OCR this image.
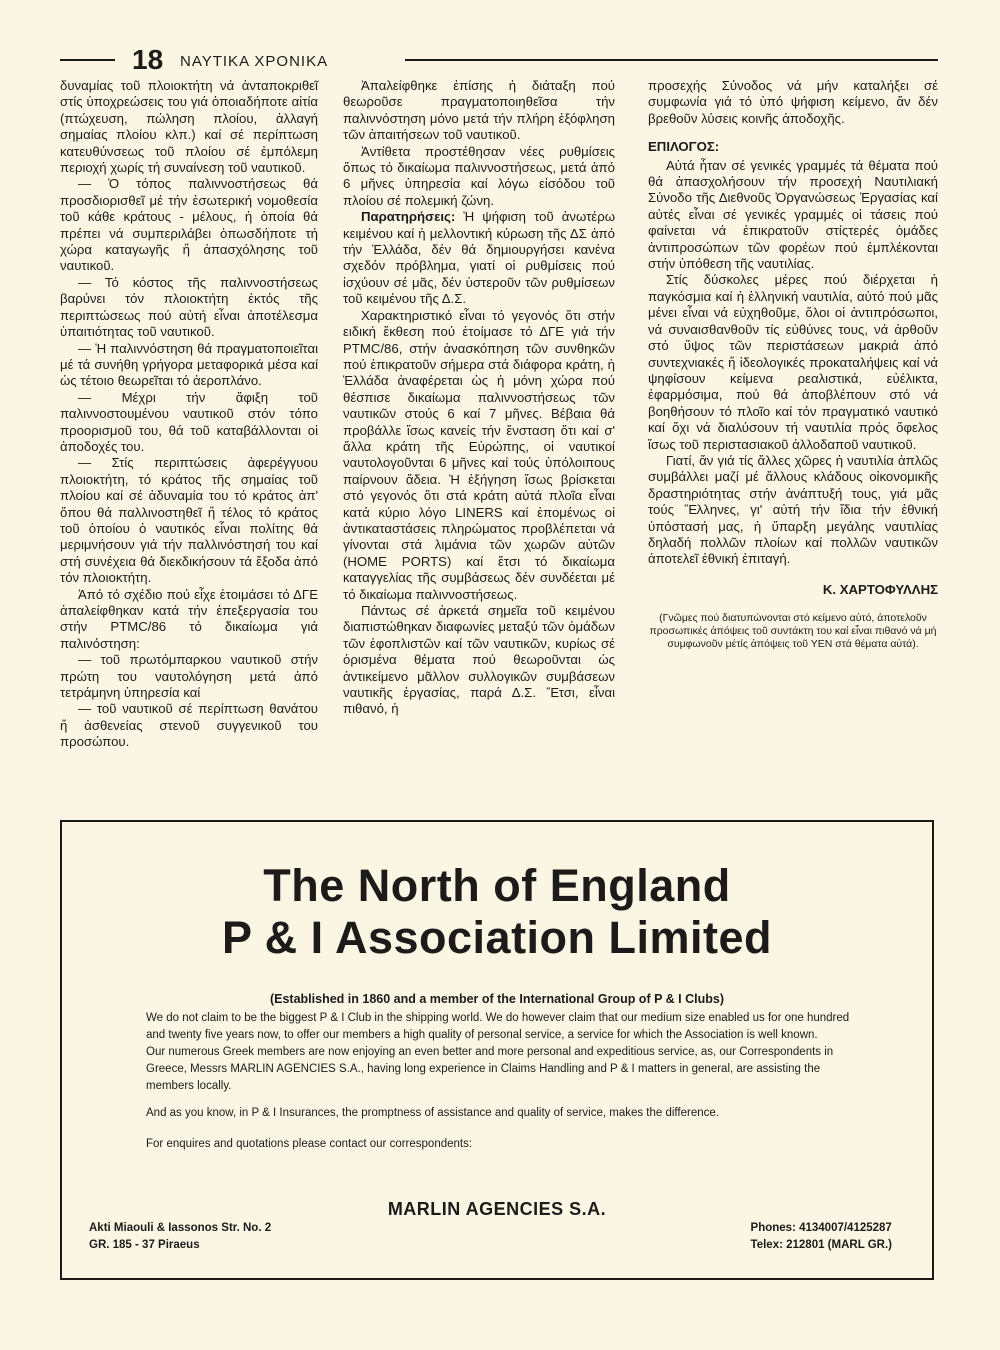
18 ΝΑΥΤΙΚΑ ΧΡΟΝΙΚΑ

δυναμίας τοῦ πλοιοκτήτη νά ἀνταποκριθεῖ στίς ὑποχρεώσεις του γιά ὁποιαδήποτε αἰτία (πτώχευση, πώληση πλοίου, ἀλλαγή σημαίας πλοίου κλπ.) καί σέ περίπτωση κατευθύνσεως τοῦ πλοίου σέ ἐμπόλεμη περιοχή χωρίς τή συναίνεση τοῦ ναυτικοῦ.

— Ὁ τόπος παλιννοστήσεως θά προσδιορισθεῖ μέ τήν ἐσωτερική νομοθεσία τοῦ κάθε κράτους - μέλους, ἡ ὁποία θά πρέπει νά συμπεριλάβει ὁπωσδήποτε τή χώρα καταγωγῆς ἤ ἀπασχόλησης τοῦ ναυτικοῦ.

— Τό κόστος τῆς παλιννοστήσεως βαρύνει τόν πλοιοκτήτη ἐκτός τῆς περιπτώσεως πού αὐτή εἶναι ἀποτέλεσμα ὑπαιτιότητας τοῦ ναυτικοῦ.

— Ἡ παλιννόστηση θά πραγματοποιεῖται μέ τά συνήθη γρήγορα μεταφορικά μέσα καί ὡς τέτοιο θεωρεῖται τό ἀεροπλάνο.

— Μέχρι τήν ἄφιξη τοῦ παλιννοστουμένου ναυτικοῦ στόν τόπο προορισμοῦ του, θά τοῦ καταβάλλονται οἱ ἀποδοχές του.

— Στίς περιπτώσεις ἀφερέγγυου πλοιοκτήτη, τό κράτος τῆς σημαίας τοῦ πλοίου καί σέ ἀδυναμία του τό κράτος ἀπ' ὅπου θά παλλινοστηθεῖ ἤ τέλος τό κράτος τοῦ ὁποίου ὁ ναυτικός εἶναι πολίτης θά μεριμνήσουν γιά τήν παλλινόστησή του καί στή συνέχεια θά διεκδικήσουν τά ἔξοδα ἀπό τόν πλοιοκτήτη.

Ἀπό τό σχέδιο πού εἶχε ἑτοιμάσει τό ΔΓΕ ἀπαλείφθηκαν κατά τήν ἐπεξεργασία του στήν PTMC/86 τό δικαίωμα γιά παλινόστηση:

— τοῦ πρωτόμπαρκου ναυτικοῦ στήν πρώτη του ναυτολόγηση μετά ἀπό τετράμηνη ὑπηρεσία καί

— τοῦ ναυτικοῦ σέ περίπτωση θανάτου ἤ ἀσθενείας στενοῦ συγγενικοῦ του προσώπου.

Ἀπαλείφθηκε ἐπίσης ἡ διάταξη πού θεωροῦσε πραγματοποιηθεῖσα τήν παλιννόστηση μόνο μετά τήν πλήρη ἐξόφληση τῶν ἀπαιτήσεων τοῦ ναυτικοῦ.

Ἀντίθετα προστέθησαν νέες ρυθμίσεις ὅπως τό δικαίωμα παλιννοστήσεως, μετά ἀπό 6 μῆνες ὑπηρεσία καί λόγω εἰσόδου τοῦ πλοίου σέ πολεμική ζώνη.

Παρατηρήσεις: Ἡ ψήφιση τοῦ ἀνωτέρω κειμένου καί ἡ μελλοντική κύρωση τῆς ΔΣ ἀπό τήν Ἑλλάδα, δέν θά δημιουργήσει κανένα σχεδόν πρόβλημα, γιατί οἱ ρυθμίσεις πού ἰσχύουν σέ μᾶς, δέν ὑστεροῦν τῶν ρυθμίσεων τοῦ κειμένου τῆς Δ.Σ.

Χαρακτηριστικό εἶναι τό γεγονός ὅτι στήν ειδική ἔκθεση πού ἑτοίμασε τό ΔΓΕ γιά τήν PTMC/86, στήν ἀνασκόπηση τῶν συνθηκῶν πού ἐπικρατοῦν σήμερα στά διάφορα κράτη, ἡ Ἑλλάδα ἀναφέρεται ὡς ἡ μόνη χώρα πού θέσπισε δικαίωμα παλιννοστήσεως τῶν ναυτικῶν στούς 6 καί 7 μῆνες. Βέβαια θά προβάλλε ἴσως κανείς τήν ἔνσταση ὅτι καί σ' ἄλλα κράτη τῆς Εὐρώπης, οἱ ναυτικοί ναυτολογοῦνται 6 μῆνες καί τούς ὑπόλοιπους παίρνουν ἄδεια. Ἡ ἐξήγηση ἴσως βρίσκεται στό γεγονός ὅτι στά κράτη αὐτά πλοῖα εἶναι κατά κύριο λόγο LINERS καί ἑπομένως οἱ ἀντικαταστάσεις πληρώματος προβλέπεται νά γίνονται στά λιμάνια τῶν χωρῶν αὐτῶν (HOME PORTS) καί ἔτσι τό δικαίωμα καταγγελίας τῆς συμβάσεως δέν συνδέεται μέ τό δικαίωμα παλιννοστήσεως.

Πάντως σέ ἀρκετά σημεῖα τοῦ κειμένου διαπιστώθηκαν διαφωνίες μεταξύ τῶν ὁμάδων τῶν ἐφοπλιστῶν καί τῶν ναυτικῶν, κυρίως σέ ὁρισμένα θέματα πού θεωροῦνται ὡς ἀντικείμενο μᾶλλον συλλογικῶν συμβάσεων ναυτικῆς ἐργασίας, παρά Δ.Σ. Ἔτσι, εἶναι πιθανό, ἡ

προσεχής Σύνοδος νά μήν καταλήξει σέ συμφωνία γιά τό ὑπό ψήφιση κείμενο, ἄν δέν βρεθοῦν λύσεις κοινῆς ἀποδοχῆς.

ΕΠΙΛΟΓΟΣ:

Αὐτά ἦταν σέ γενικές γραμμές τά θέματα πού θά ἀπασχολήσουν τήν προσεχή Ναυτιλιακή Σύνοδο τῆς Διεθνοῦς Ὀργανώσεως Ἐργασίας καί αὐτές εἶναι σέ γενικές γραμμές οἱ τάσεις πού φαίνεται νά ἐπικρατοῦν στίςτερές ὁμάδες ἀντιπροσώπων τῶν φορέων πού ἐμπλέκονται στήν ὑπόθεση τῆς ναυτιλίας.

Στίς δύσκολες μέρες πού διέρχεται ἡ παγκόσμια καί ἡ ἑλληνική ναυτιλία, αὐτό πού μᾶς μένει εἶναι νά εὐχηθοῦμε, ὅλοι οἱ ἀντιπρόσωποι, νά συναισθανθοῦν τίς εὐθύνες τους, νά ἀρθοῦν στό ὕψος τῶν περιστάσεων μακριά ἀπό συντεχνιακές ἤ ἰδεολογικές προκαταλήψεις καί νά ψηφίσουν κείμενα ρεαλιστικά, εὐέλικτα, ἐφαρμόσιμα, πού θά ἀποβλέπουν στό νά βοηθήσουν τό πλοῖο καί τόν πραγματικό ναυτικό καί ὄχι νά διαλύσουν τή ναυτιλία πρός ὄφελος ἴσως τοῦ περιστασιακοῦ ἀλλοδαποῦ ναυτικοῦ.

Γιατί, ἄν γιά τίς ἄλλες χῶρες ἡ ναυτιλία ἁπλῶς συμβάλλει μαζί μέ ἄλλους κλάδους οἰκονομικῆς δραστηριότητας στήν ἀνάπτυξή τους, γιά μᾶς τούς Ἕλληνες, γι' αὐτή τήν ἴδια τήν ἐθνική ὑπόστασή μας, ἡ ὕπαρξη μεγάλης ναυτιλίας δηλαδή πολλῶν πλοίων καί πολλῶν ναυτικῶν ἀποτελεῖ ἐθνική ἐπιταγή.

Κ. ΧΑΡΤΟΦΥΛΛΗΣ

(Γνῶμες πού διατυπώνονται στό κείμενο αὐτό, ἀποτελοῦν προσωπικές ἀπόψεις τοῦ συντάκτη του καί εἶναι πιθανό νά μή συμφωνοῦν μέτίς ἀπόψεις τοῦ ΥΕΝ στά θέματα αὐτά).

The North of England
P & I Association Limited
(Established in 1860 and a member of the International Group of P & I Clubs)

We do not claim to be the biggest P & I Club in the shipping world. We do however claim that our medium size enabled us for one hundred and twenty five years now, to offer our members a high quality of personal service, a service for which the Association is well known.

Our numerous Greek members are now enjoying an even better and more personal and expeditious service, as, our Correspondents in Greece, Messrs MARLIN AGENCIES S.A., having long experience in Claims Handling and P & I matters in general, are assisting the members locally.

And as you know, in P & I Insurances, the promptness of assistance and quality of service, makes the difference.

For enquires and quotations please contact our correspondents:

MARLIN AGENCIES S.A.
Akti Miaouli & Iassonos Str. No. 2
GR. 185 - 37 Piraeus
Phones: 4134007/4125287
Telex: 212801 (MARL GR.)
